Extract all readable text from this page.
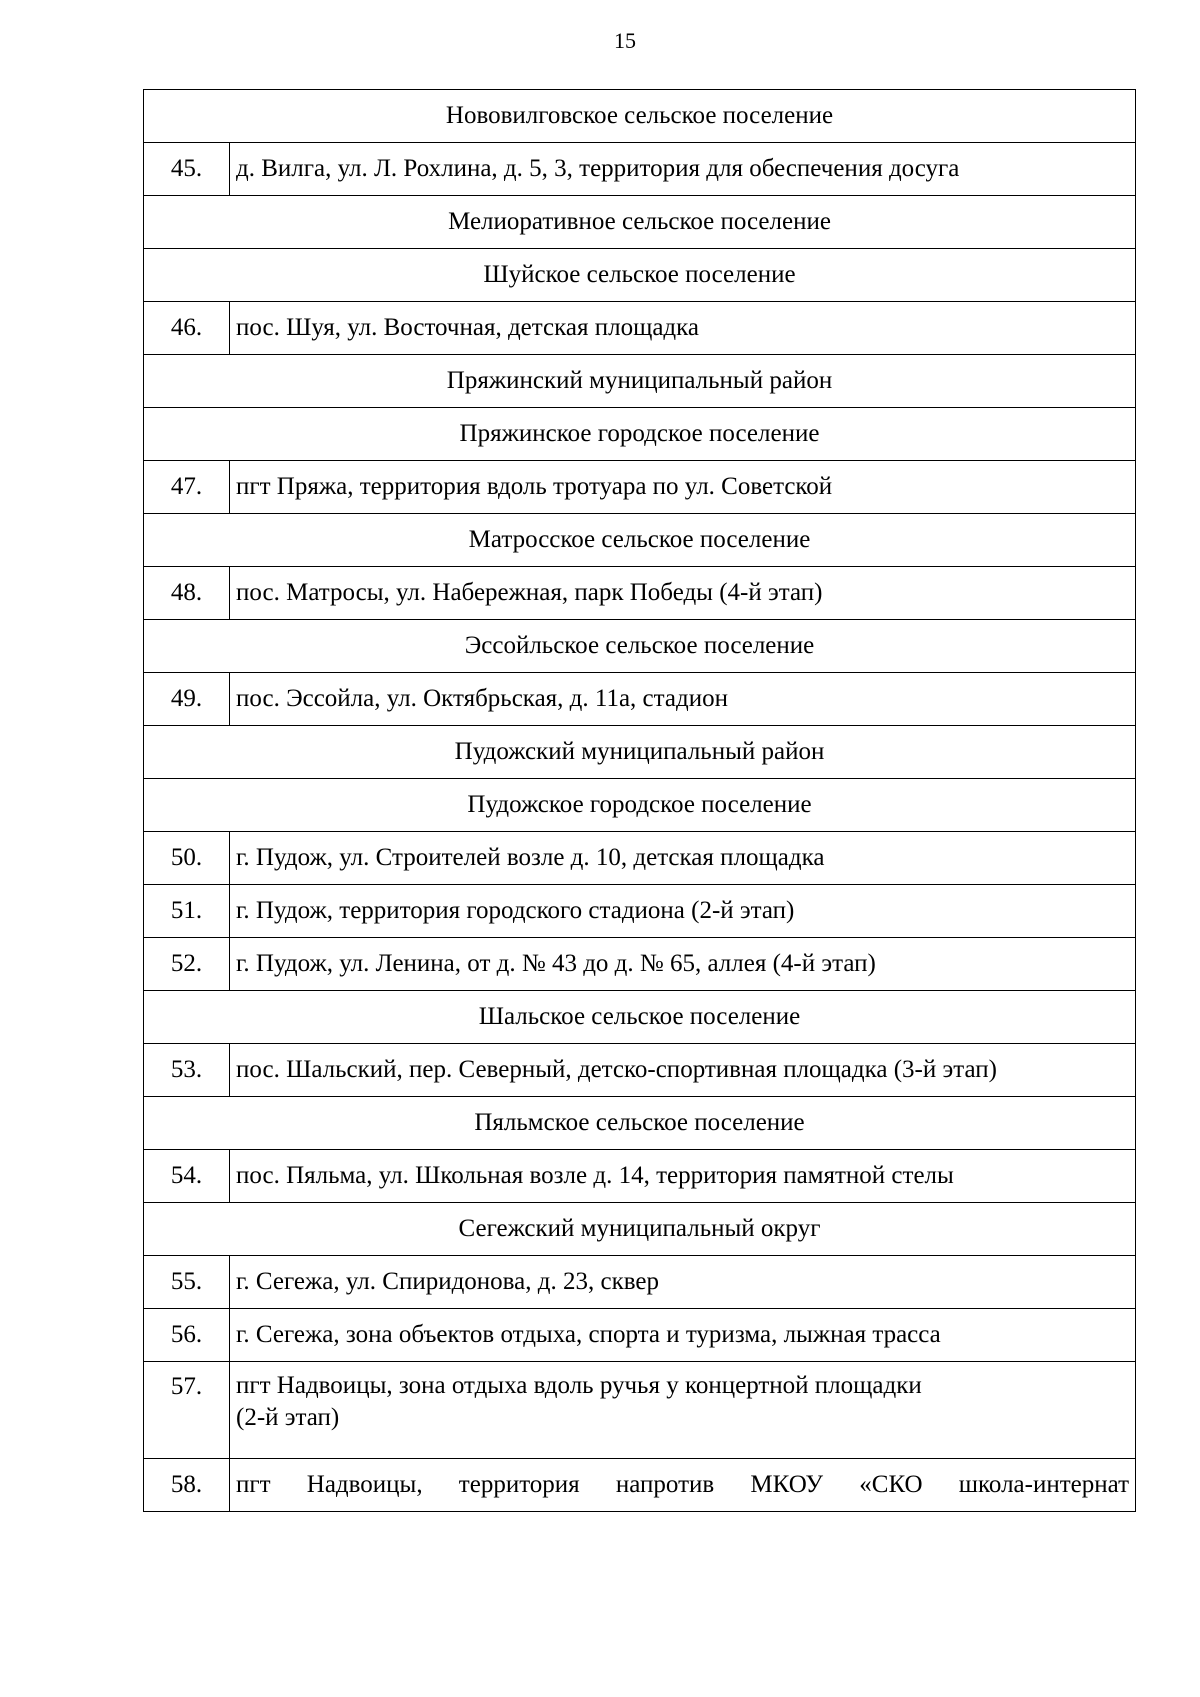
15
Нововилговское сельское поселение	
45.	д. Вилга, ул. Л. Рохлина, д. 5, 3, территория для обеспечения досуга
Мелиоративное сельское поселение	
Шуйское сельское поселение	
46.	пос. Шуя, ул. Восточная, детская площадка
Пряжинский муниципальный район	
Пряжинское городское поселение	
47.	пгт Пряжа, территория вдоль тротуара по ул. Советской
Матросское сельское поселение	
48.	пос. Матросы, ул. Набережная, парк Победы (4-й этап)
Эссойльское сельское поселение	
49.	пос. Эссойла, ул. Октябрьская, д. 11а, стадион
Пудожский муниципальный район	
Пудожское городское поселение	
50.	г. Пудож, ул. Строителей возле д. 10, детская площадка
51.	г. Пудож, территория городского стадиона (2-й этап)
52.	г. Пудож, ул. Ленина, от д. № 43 до д. № 65, аллея (4-й этап)
Шальское сельское поселение	
53.	пос. Шальский, пер. Северный, детско-спортивная площадка (3-й этап)
Пяльмское сельское поселение	
54.	пос. Пяльма, ул. Школьная возле д. 14, территория памятной стелы
Сегежский муниципальный округ	
55.	г. Сегежа, ул. Спиридонова, д. 23, сквер
56.	г. Сегежа, зона объектов отдыха, спорта и туризма, лыжная трасса
57.	пгт Надвоицы, зона отдыха вдоль ручья у концертной площадки
(2-й этап)

58.	пгт Надвоицы, территория напротив МКОУ «СКО школа-интернат
